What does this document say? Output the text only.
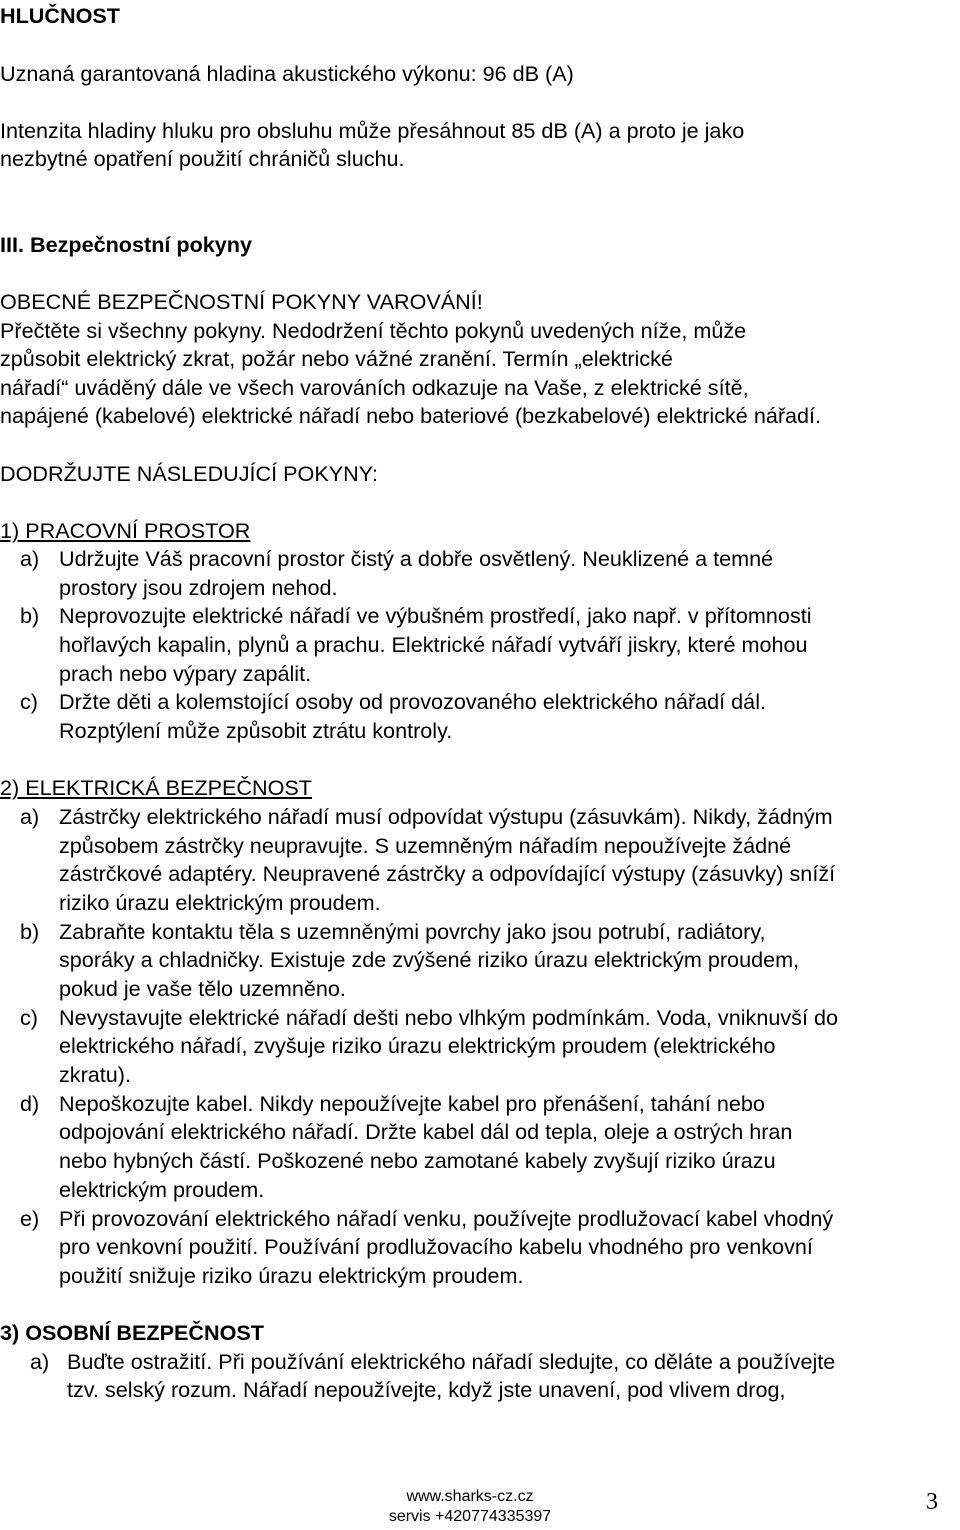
HLUČNOST
Uznaná garantovaná hladina akustického výkonu: 96 dB (A)
Intenzita hladiny hluku pro obsluhu může přesáhnout 85 dB (A) a proto je jako
nezbytné opatření použití chráničů sluchu.
III. Bezpečnostní pokyny
OBECNÉ BEZPEČNOSTNÍ POKYNY VAROVÁNÍ!
Přečtěte si všechny pokyny. Nedodržení těchto pokynů uvedených níže, může
způsobit elektrický zkrat, požár nebo vážné zranění. Termín „elektrické
nářadí“ uváděný dále ve všech varováních odkazuje na Vaše, z elektrické sítě,
napájené (kabelové) elektrické nářadí nebo bateriové (bezkabelové) elektrické nářadí.
DODRŽUJTE NÁSLEDUJÍCÍ POKYNY:
1) PRACOVNÍ PROSTOR
a) Udržujte Váš pracovní prostor čistý a dobře osvětlený. Neuklizené a temné
prostory jsou zdrojem nehod.
b) Neprovozujte elektrické nářadí ve výbušném prostředí, jako např. v přítomnosti
hořlavých kapalin, plynů a prachu. Elektrické nářadí vytváří jiskry, které mohou
prach nebo výpary zapálit.
c) Držte děti a kolemstojící osoby od provozovaného elektrického nářadí dál.
Rozptýlení může způsobit ztrátu kontroly.
2) ELEKTRICKÁ BEZPEČNOST
a) Zástrčky elektrického nářadí musí odpovídat výstupu (zásuvkám). Nikdy, žádným
způsobem zástrčky neupravujte. S uzemněným nářadím nepoužívejte žádné
zástrčkové adaptéry. Neupravené zástrčky a odpovídající výstupy (zásuvky) sníží
riziko úrazu elektrickým proudem.
b) Zabraňte kontaktu těla s uzemněnými povrchy jako jsou potrubí, radiátory,
sporáky a chladničky. Existuje zde zvýšené riziko úrazu elektrickým proudem,
pokud je vaše tělo uzemněno.
c) Nevystavujte elektrické nářadí dešti nebo vlhkým podmínkám. Voda, vniknuvší do
elektrického nářadí, zvyšuje riziko úrazu elektrickým proudem (elektrického
zkratu).
d) Nepoškozujte kabel. Nikdy nepoužívejte kabel pro přenášení, tahání nebo
odpojování elektrického nářadí. Držte kabel dál od tepla, oleje a ostrých hran
nebo hybných částí. Poškozené nebo zamotané kabely zvyšují riziko úrazu
elektrickým proudem.
e) Při provozování elektrického nářadí venku, používejte prodlužovací kabel vhodný
pro venkovní použití. Používání prodlužovacího kabelu vhodného pro venkovní
použití snižuje riziko úrazu elektrickým proudem.
3) OSOBNÍ BEZPEČNOST
a) Buďte ostražití. Při používání elektrického nářadí sledujte, co děláte a používejte
tzv. selský rozum. Nářadí nepoužívejte, když jste unavení, pod vlivem drog,
www.sharks-cz.cz
servis +420774335397
3
